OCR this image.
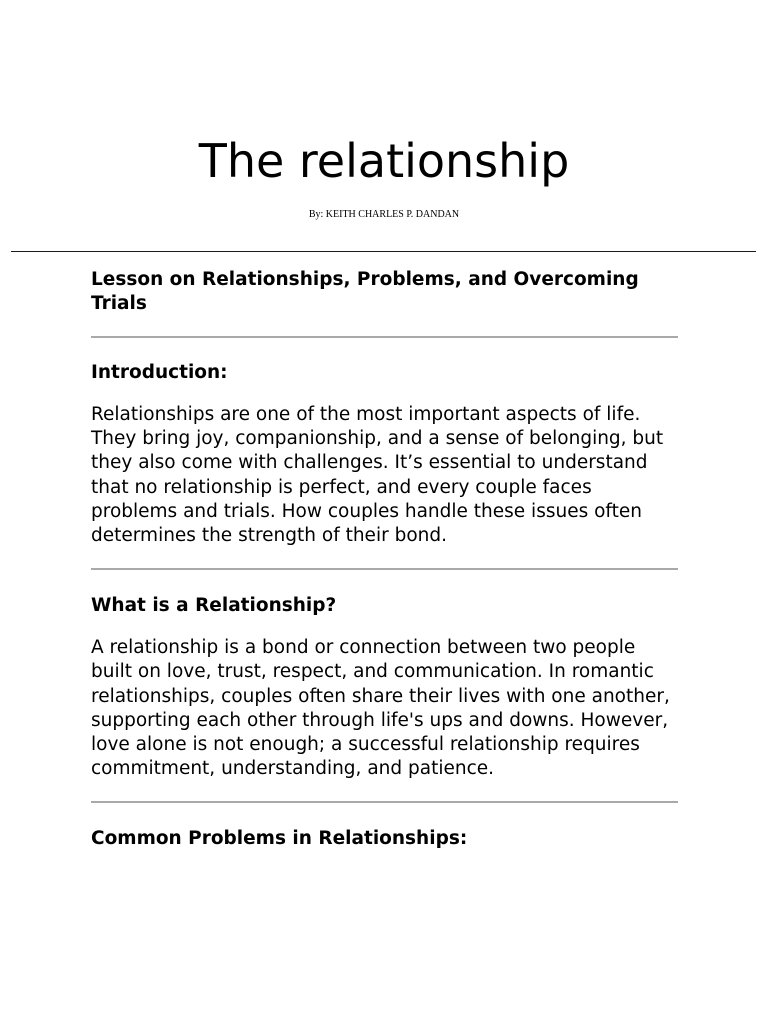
The relationship
By: KEITH CHARLES P. DANDAN
Lesson on Relationships, Problems, and Overcoming Trials
Introduction:

Relationships are one of the most important aspects of life. They bring joy, companionship, and a sense of belonging, but they also come with challenges. It’s essential to understand that no relationship is perfect, and every couple faces problems and trials. How couples handle these issues often determines the strength of their bond.

What is a Relationship?

A relationship is a bond or connection between two people built on love, trust, respect, and communication. In romantic relationships, couples often share their lives with one another, supporting each other through life's ups and downs. However, love alone is not enough; a successful relationship requires commitment, understanding, and patience.

Common Problems in Relationships:
